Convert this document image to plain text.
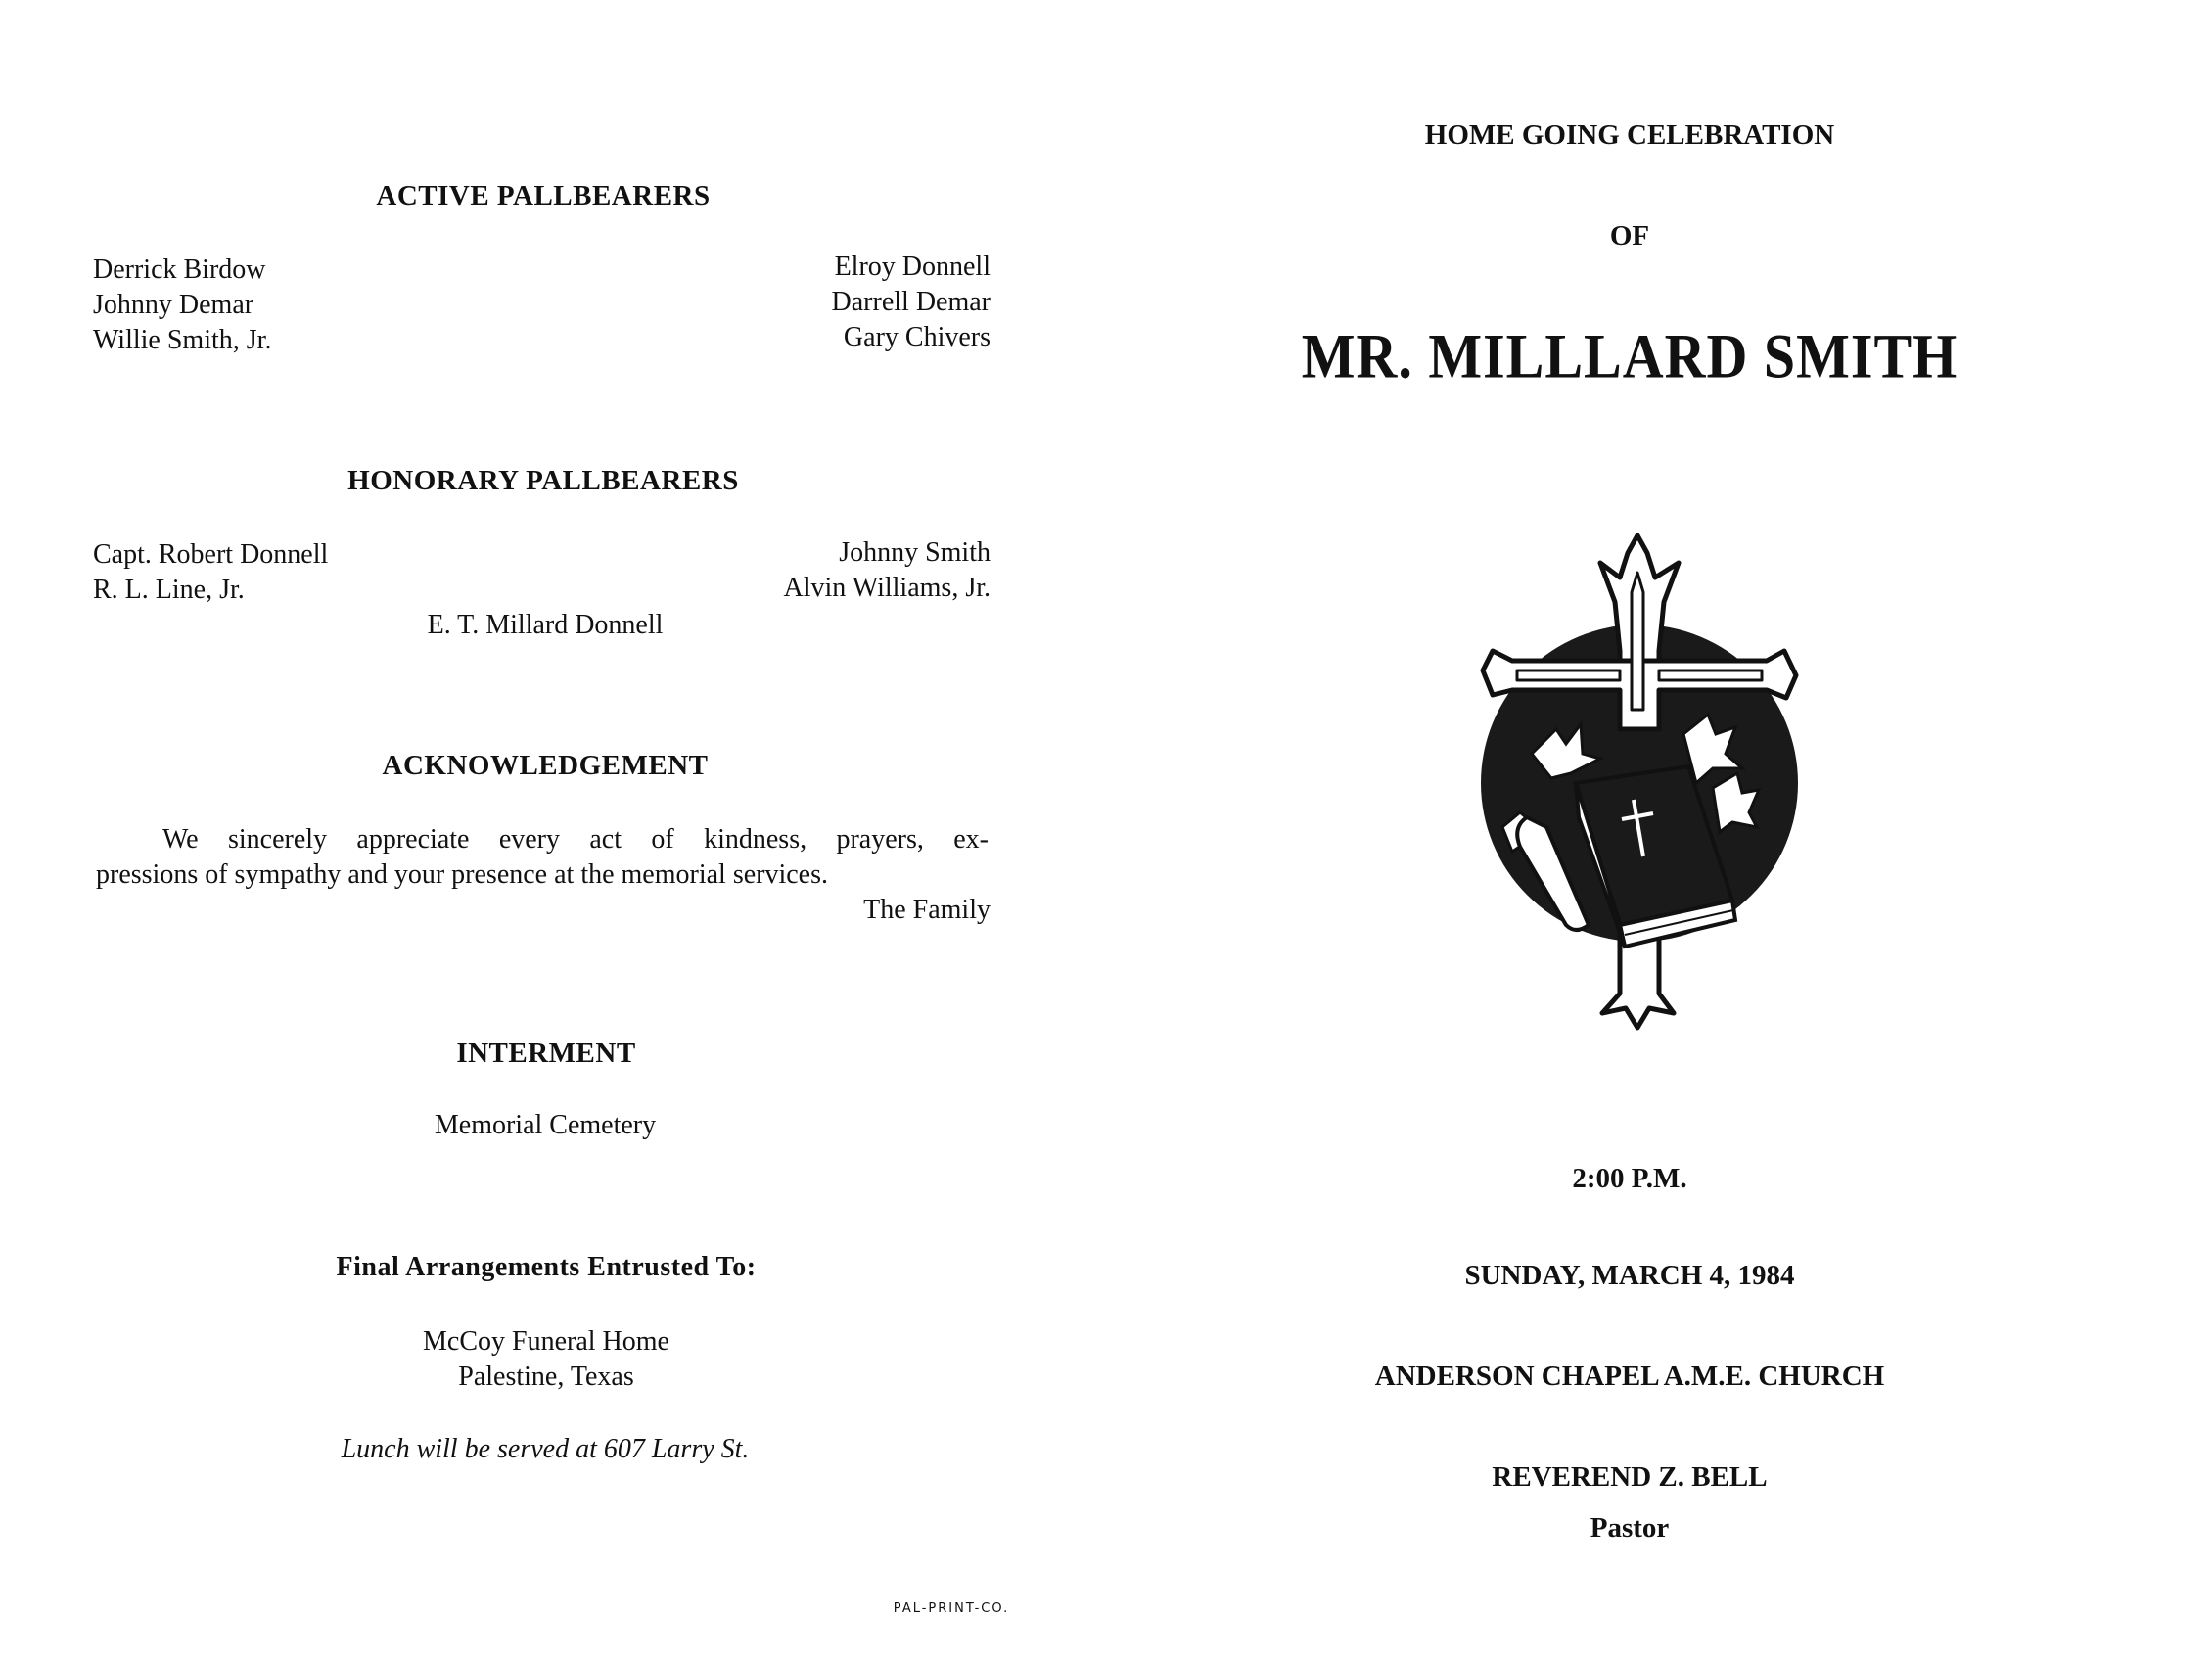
ACTIVE PALLBEARERS
Derrick Birdow
Johnny Demar
Willie Smith, Jr.
Elroy Donnell
Darrell Demar
Gary Chivers
HONORARY PALLBEARERS
Capt. Robert Donnell
R. L. Line, Jr.
Johnny Smith
Alvin Williams, Jr.
E. T. Millard Donnell
ACKNOWLEDGEMENT
We sincerely appreciate every act of kindness, prayers, ex-
pressions of sympathy and your presence at the memorial services.
The Family
INTERMENT
Memorial Cemetery
Final Arrangements Entrusted To:
McCoy Funeral Home
Palestine, Texas
Lunch will be served at 607 Larry St.
PAL-PRINT-CO.
HOME GOING CELEBRATION
OF
MR. MILLLARD SMITH
2:00 P.M.
SUNDAY, MARCH 4, 1984
ANDERSON CHAPEL A.M.E. CHURCH
REVEREND Z. BELL
Pastor
